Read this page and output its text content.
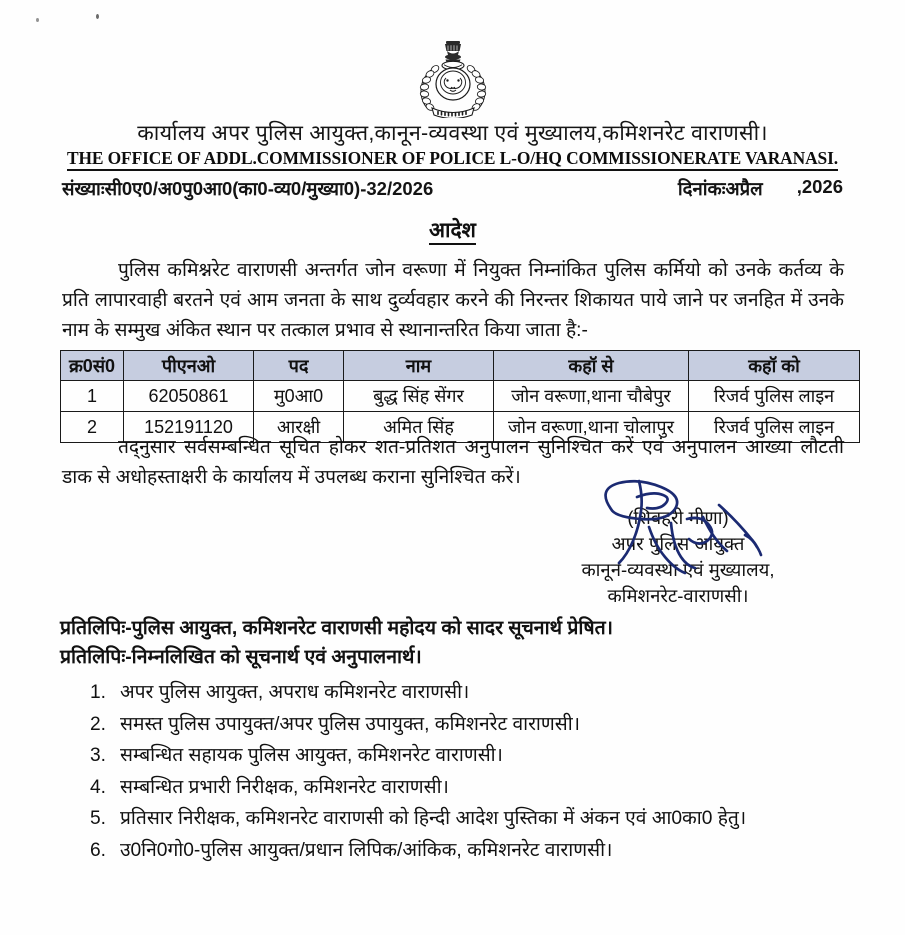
कार्यालय अपर पुलिस आयुक्त,कानून-व्यवस्था एवं मुख्यालय,कमिशनरेट वाराणसी।
THE OFFICE OF ADDL.COMMISSIONER OF POLICE L-O/HQ COMMISSIONERATE VARANASI.
संख्याःसी0ए0/अ0पु0आ0(का0-व्य0/मुख्या0)-32/2026	दिनांकःअप्रैल ,2026
आदेश
पुलिस कमिश्नरेट वाराणसी अन्तर्गत जोन वरूणा में नियुक्त निम्नांकित पुलिस कर्मियो को उनके कर्तव्य के प्रति लापारवाही बरतने एवं आम जनता के साथ दुर्व्यवहार करने की निरन्तर शिकायत पाये जाने पर जनहित में उनके नाम के सम्मुख अंकित स्थान पर तत्काल प्रभाव से स्थानान्तरित किया जाता है:-
क्र0सं0	पीएनओ	पद	नाम	कहॉ से	कहॉ को
1	62050861	मु0आ0	बुद्ध सिंह सेंगर	जोन वरूणा,थाना चौबेपुर	रिजर्व पुलिस लाइन
2	152191120	आरक्षी	अमित सिंह	जोन वरूणा,थाना चोलापुर	रिजर्व पुलिस लाइन
तद्नुसार सर्वसम्बन्धित सूचित होकर शत-प्रतिशत अनुपालन सुनिश्चित करें एवं अनुपालन आख्या लौटती डाक से अधोहस्ताक्षरी के कार्यालय में उपलब्ध कराना सुनिश्चित करें।
(शिवहरी मीणा)
अपर पुलिस आयुक्त
कानून-व्यवस्था एवं मुख्यालय,
कमिशनरेट-वाराणसी।
प्रतिलिपिः-पुलिस आयुक्त, कमिशनरेट वाराणसी महोदय को सादर सूचनार्थ प्रेषित।
प्रतिलिपिः-निम्नलिखित को सूचनार्थ एवं अनुपालनार्थ।
1. अपर पुलिस आयुक्त, अपराध कमिशनरेट वाराणसी।
2. समस्त पुलिस उपायुक्त/अपर पुलिस उपायुक्त, कमिशनरेट वाराणसी।
3. सम्बन्धित सहायक पुलिस आयुक्त, कमिशनरेट वाराणसी।
4. सम्बन्धित प्रभारी निरीक्षक, कमिशनरेट वाराणसी।
5. प्रतिसार निरीक्षक, कमिशनरेट वाराणसी को हिन्दी आदेश पुस्तिका में अंकन एवं आ0का0 हेतु।
6. उ0नि0गो0-पुलिस आयुक्त/प्रधान लिपिक/आंकिक, कमिशनरेट वाराणसी।
